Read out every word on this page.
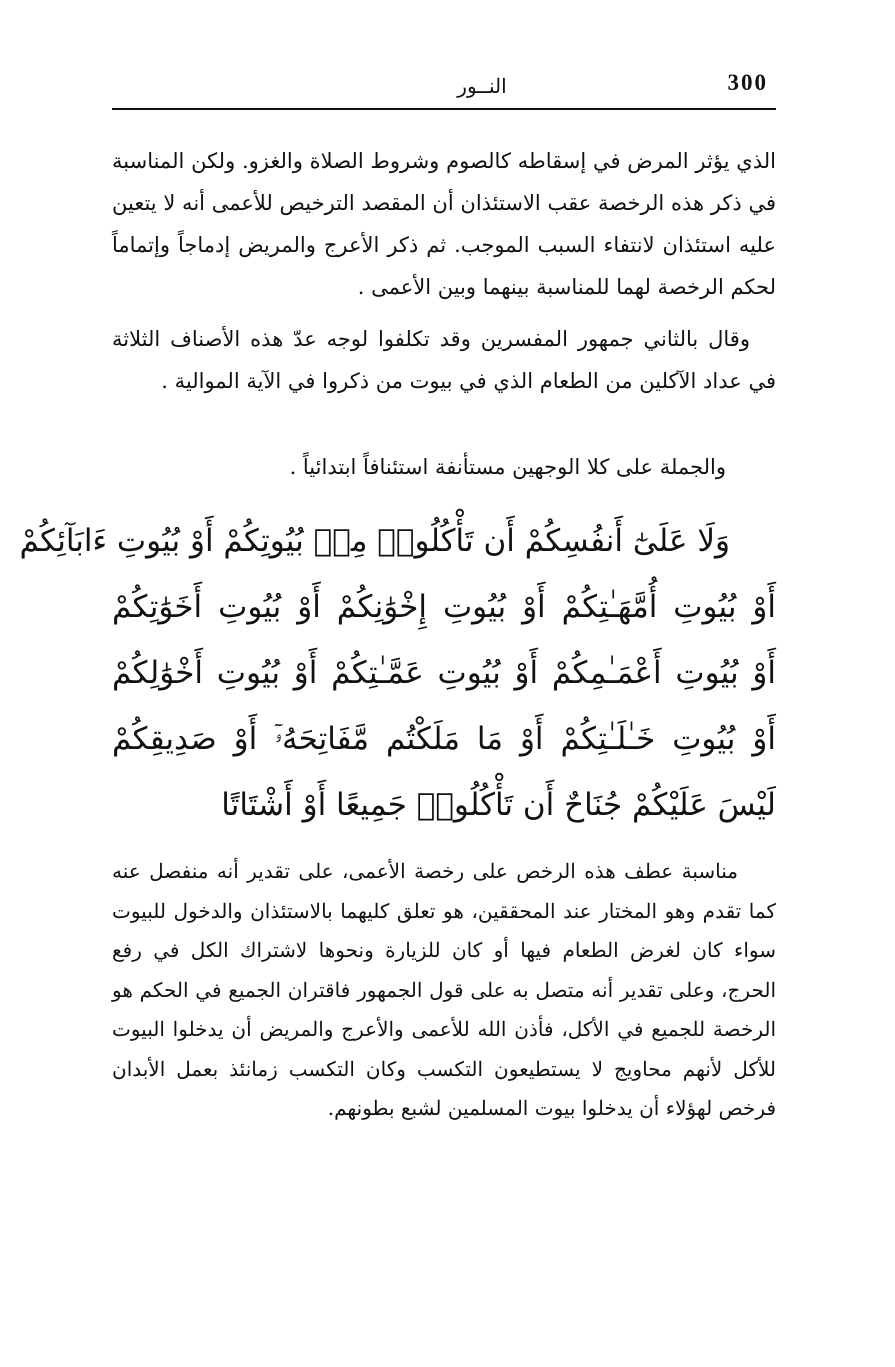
300
النــور

الذي يؤثر المرض في إسقاطه كالصوم وشروط الصلاة والغزو. ولكن المناسبة في ذكر هذه الرخصة عقب الاستئذان أن المقصد الترخيص للأعمى أنه لا يتعين عليه استئذان لانتفاء السبب الموجب. ثم ذكر الأعرج والمريض إدماجاً وإتماماً لحكم الرخصة لهما للمناسبة بينهما وبين الأعمى .

وقال بالثاني جمهور المفسرين وقد تكلفوا لوجه عدّ هذه الأصناف الثلاثة في عداد الآكلين من الطعام الذي في بيوت من ذكروا في الآية الموالية .

والجملة على كلا الوجهين مستأنفة استئنافاً ابتدائياً .

وَلَا عَلَىٰٓ أَنفُسِكُمْ أَن تَأْكُلُوا۟ مِنۢ بُيُوتِكُمْ أَوْ بُيُوتِ ءَابَآئِكُمْ
أَوْ بُيُوتِ أُمَّهَـٰتِكُمْ أَوْ بُيُوتِ إِخْوَٰنِكُمْ أَوْ بُيُوتِ أَخَوَٰتِكُمْ
أَوْ بُيُوتِ أَعْمَـٰمِكُمْ أَوْ بُيُوتِ عَمَّـٰتِكُمْ أَوْ بُيُوتِ أَخْوَٰلِكُمْ
أَوْ بُيُوتِ خَـٰلَـٰتِكُمْ أَوْ مَا مَلَكْتُم مَّفَاتِحَهُۥٓ أَوْ صَدِيقِكُمْ
لَيْسَ عَلَيْكُمْ جُنَاحٌ أَن تَأْكُلُوا۟ جَمِيعًا أَوْ أَشْتَاتًا

مناسبة عطف هذه الرخص على رخصة الأعمى، على تقدير أنه منفصل عنه كما تقدم وهو المختار عند المحققين، هو تعلق كليهما بالاستئذان والدخول للبيوت سواء كان لغرض الطعام فيها أو كان للزيارة ونحوها لاشتراك الكل في رفع الحرج، وعلى تقدير أنه متصل به على قول الجمهور فاقتران الجميع في الحكم هو الرخصة للجميع في الأكل، فأذن الله للأعمى والأعرج والمريض أن يدخلوا البيوت للأكل لأنهم محاويج لا يستطيعون التكسب وكان التكسب زمانئذ بعمل الأبدان فرخص لهؤلاء أن يدخلوا بيوت المسلمين لشبع بطونهم.
